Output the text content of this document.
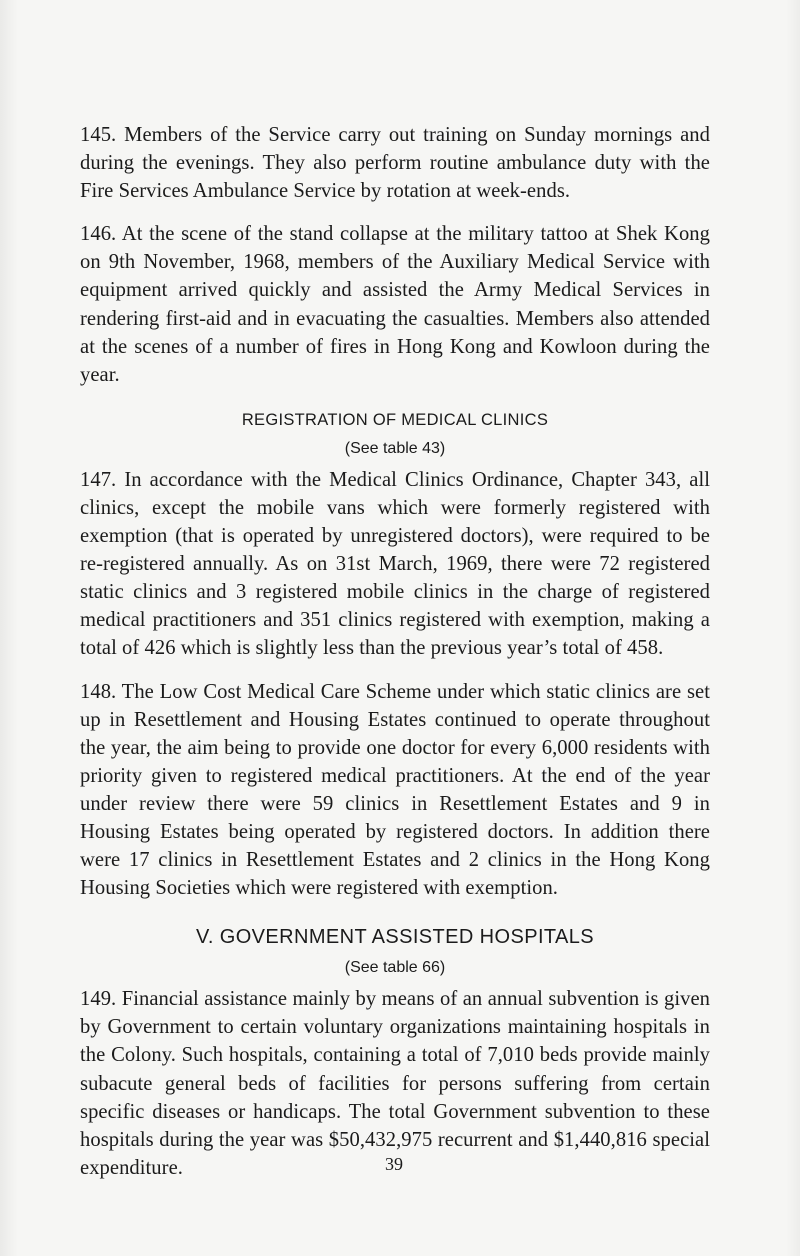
145. Members of the Service carry out training on Sunday mornings and during the evenings. They also perform routine ambulance duty with the Fire Services Ambulance Service by rotation at week-ends.

146. At the scene of the stand collapse at the military tattoo at Shek Kong on 9th November, 1968, members of the Auxiliary Medical Service with equipment arrived quickly and assisted the Army Medical Services in rendering first-aid and in evacuating the casualties. Members also attended at the scenes of a number of fires in Hong Kong and Kowloon during the year.

REGISTRATION OF MEDICAL CLINICS
(See table 43)

147. In accordance with the Medical Clinics Ordinance, Chapter 343, all clinics, except the mobile vans which were formerly registered with exemption (that is operated by unregistered doctors), were required to be re-registered annually. As on 31st March, 1969, there were 72 registered static clinics and 3 registered mobile clinics in the charge of registered medical practitioners and 351 clinics registered with exemption, making a total of 426 which is slightly less than the previous year’s total of 458.

148. The Low Cost Medical Care Scheme under which static clinics are set up in Resettlement and Housing Estates continued to operate throughout the year, the aim being to provide one doctor for every 6,000 residents with priority given to registered medical practitioners. At the end of the year under review there were 59 clinics in Resettlement Estates and 9 in Housing Estates being operated by registered doctors. In addition there were 17 clinics in Resettlement Estates and 2 clinics in the Hong Kong Housing Societies which were registered with exemption.

V. GOVERNMENT ASSISTED HOSPITALS
(See table 66)

149. Financial assistance mainly by means of an annual subvention is given by Government to certain voluntary organizations maintaining hospitals in the Colony. Such hospitals, containing a total of 7,010 beds provide mainly subacute general beds of facilities for persons suffering from certain specific diseases or handicaps. The total Government subvention to these hospitals during the year was $50,432,975 recurrent and $1,440,816 special expenditure.	39
